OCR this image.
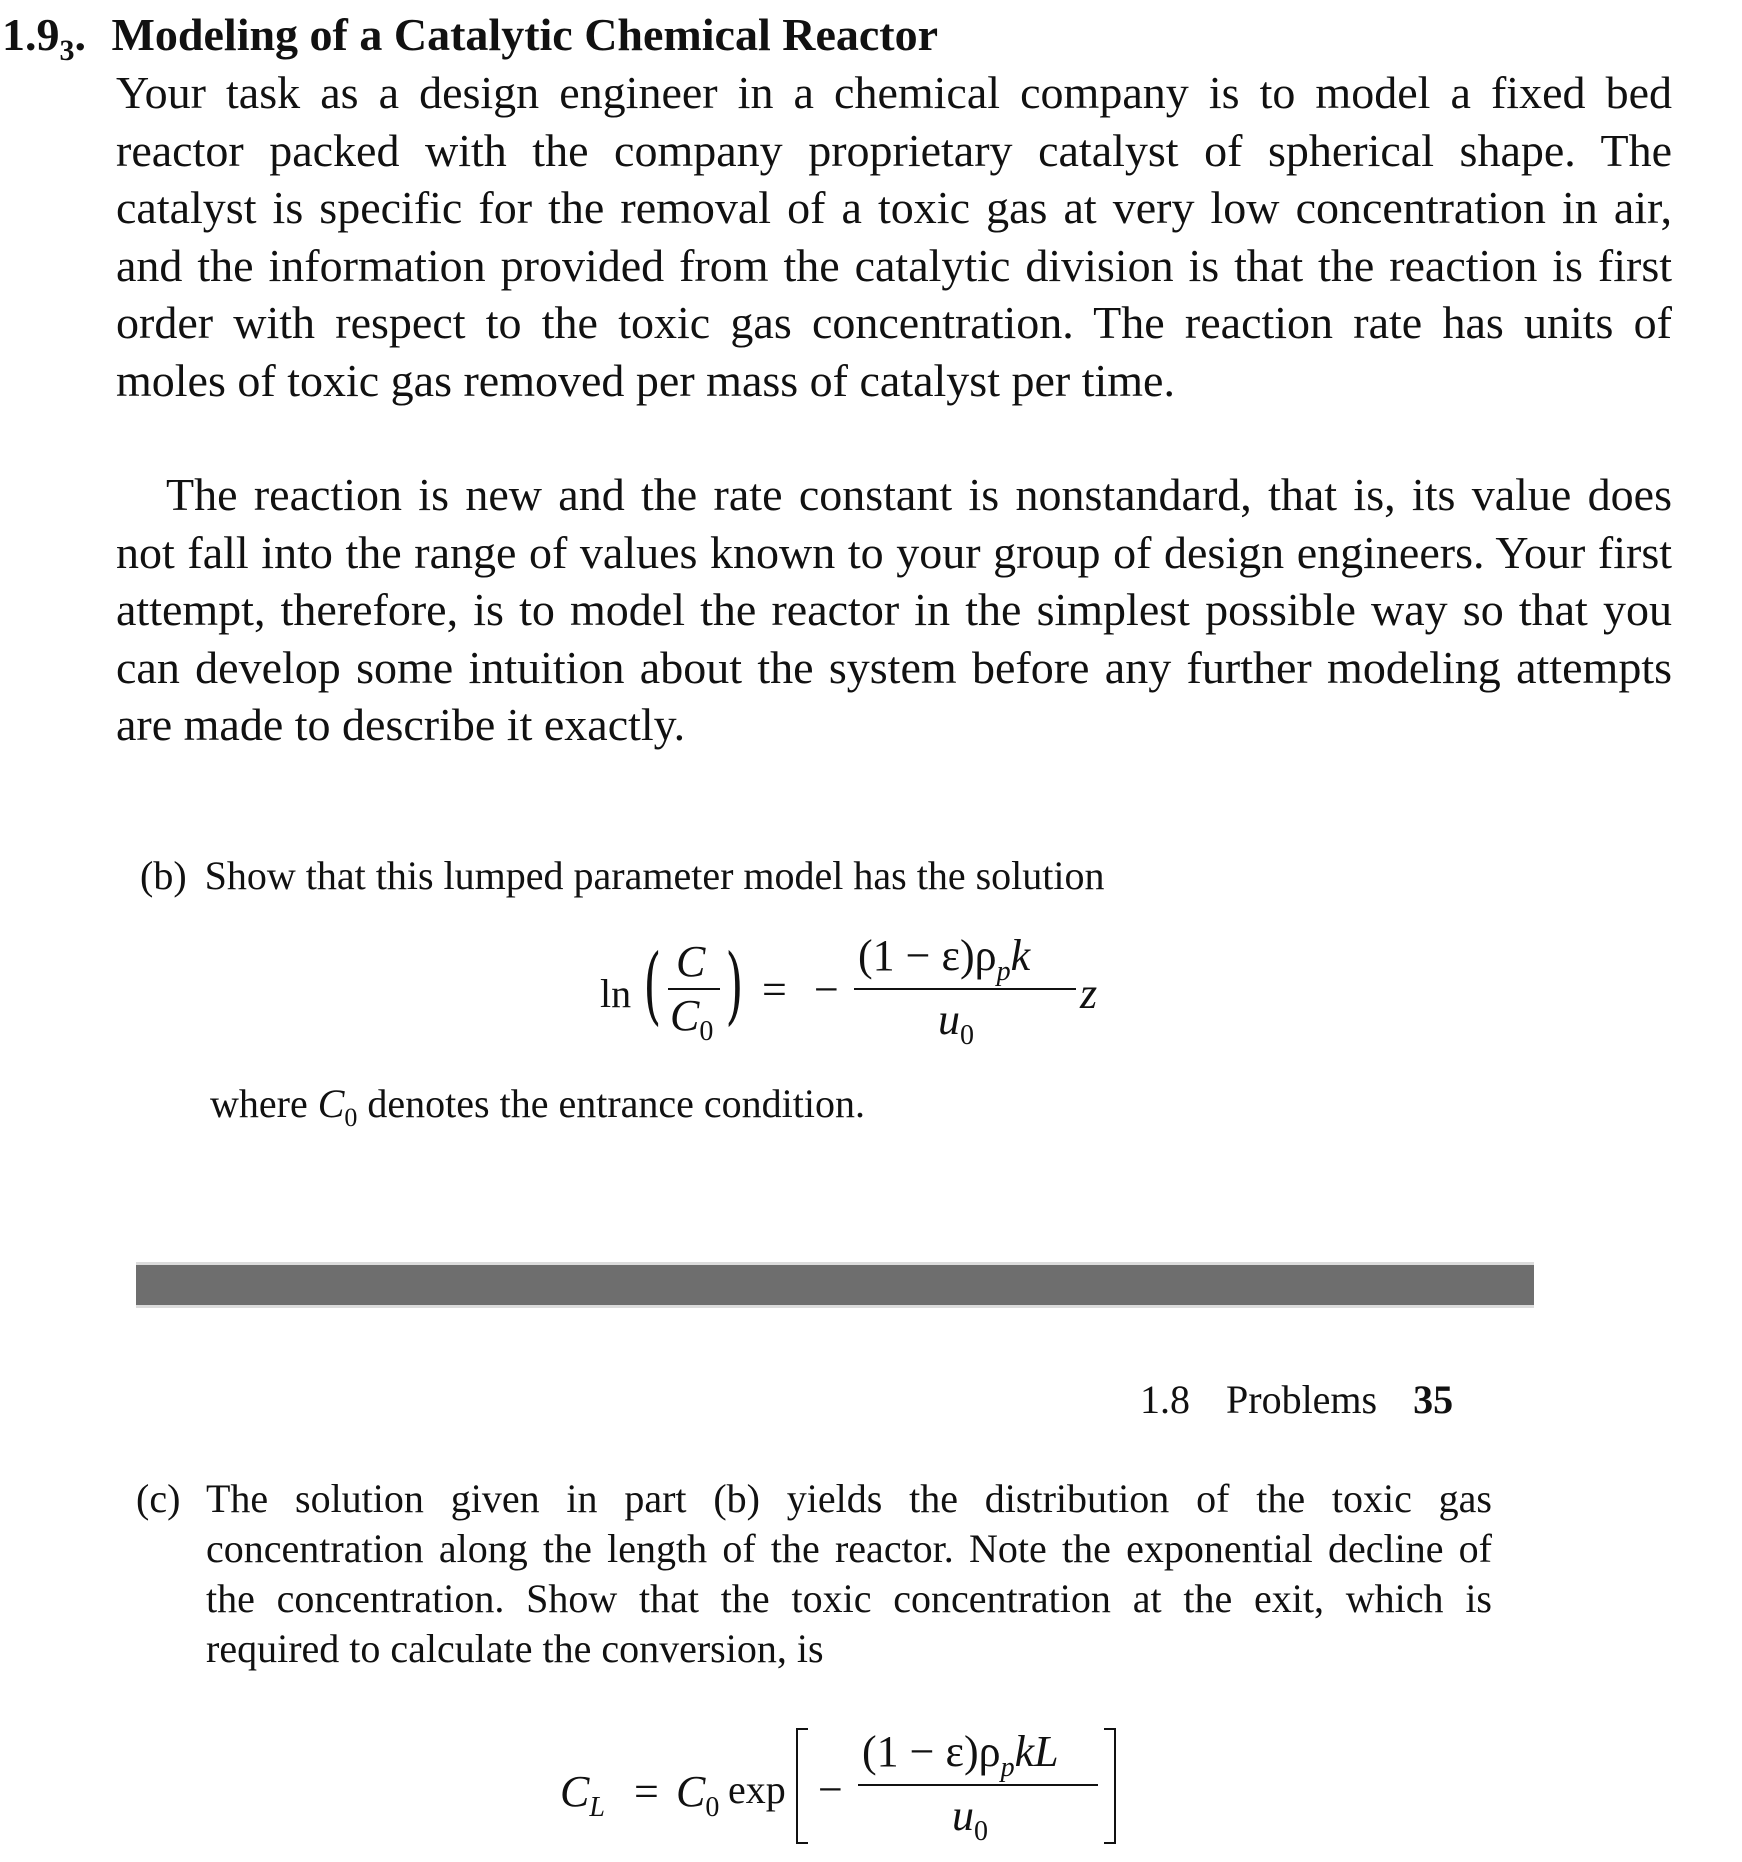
$1.9_3$. Modeling of a Catalytic Chemical Reactor
Your task as a design engineer in a chemical company is to model a fixed bed reactor packed with the company proprietary catalyst of spherical shape. The catalyst is specific for the removal of a toxic gas at very low concentration in air, and the information provided from the catalytic division is that the reaction is first order with respect to the toxic gas concentration. The reaction rate has units of moles of toxic gas removed per mass of catalyst per time.
The reaction is new and the rate constant is nonstandard, that is, its value does not fall into the range of values known to your group of design engineers. Your first attempt, therefore, is to model the reactor in the simplest possible way so that you can develop some intuition about the system before any further modeling attempts are made to describe it exactly.
(b) Show that this lumped parameter model has the solution
ln ( C
$C_0$ ) = −
$(1 - \varepsilon)\rho_pk$
$u_0$
z
where $C_0$ denotes the entrance condition.
1.8 Problems 35
(c) The solution given in part (b) yields the distribution of the toxic gas concentration along the length of the reactor. Note the exponential decline of the concentration. Show that the toxic concentration at the exit, which is required to calculate the conversion, is
$C_L = C_0$ exp −
$(1 - \varepsilon)\rho_pkL$
$u_0$
